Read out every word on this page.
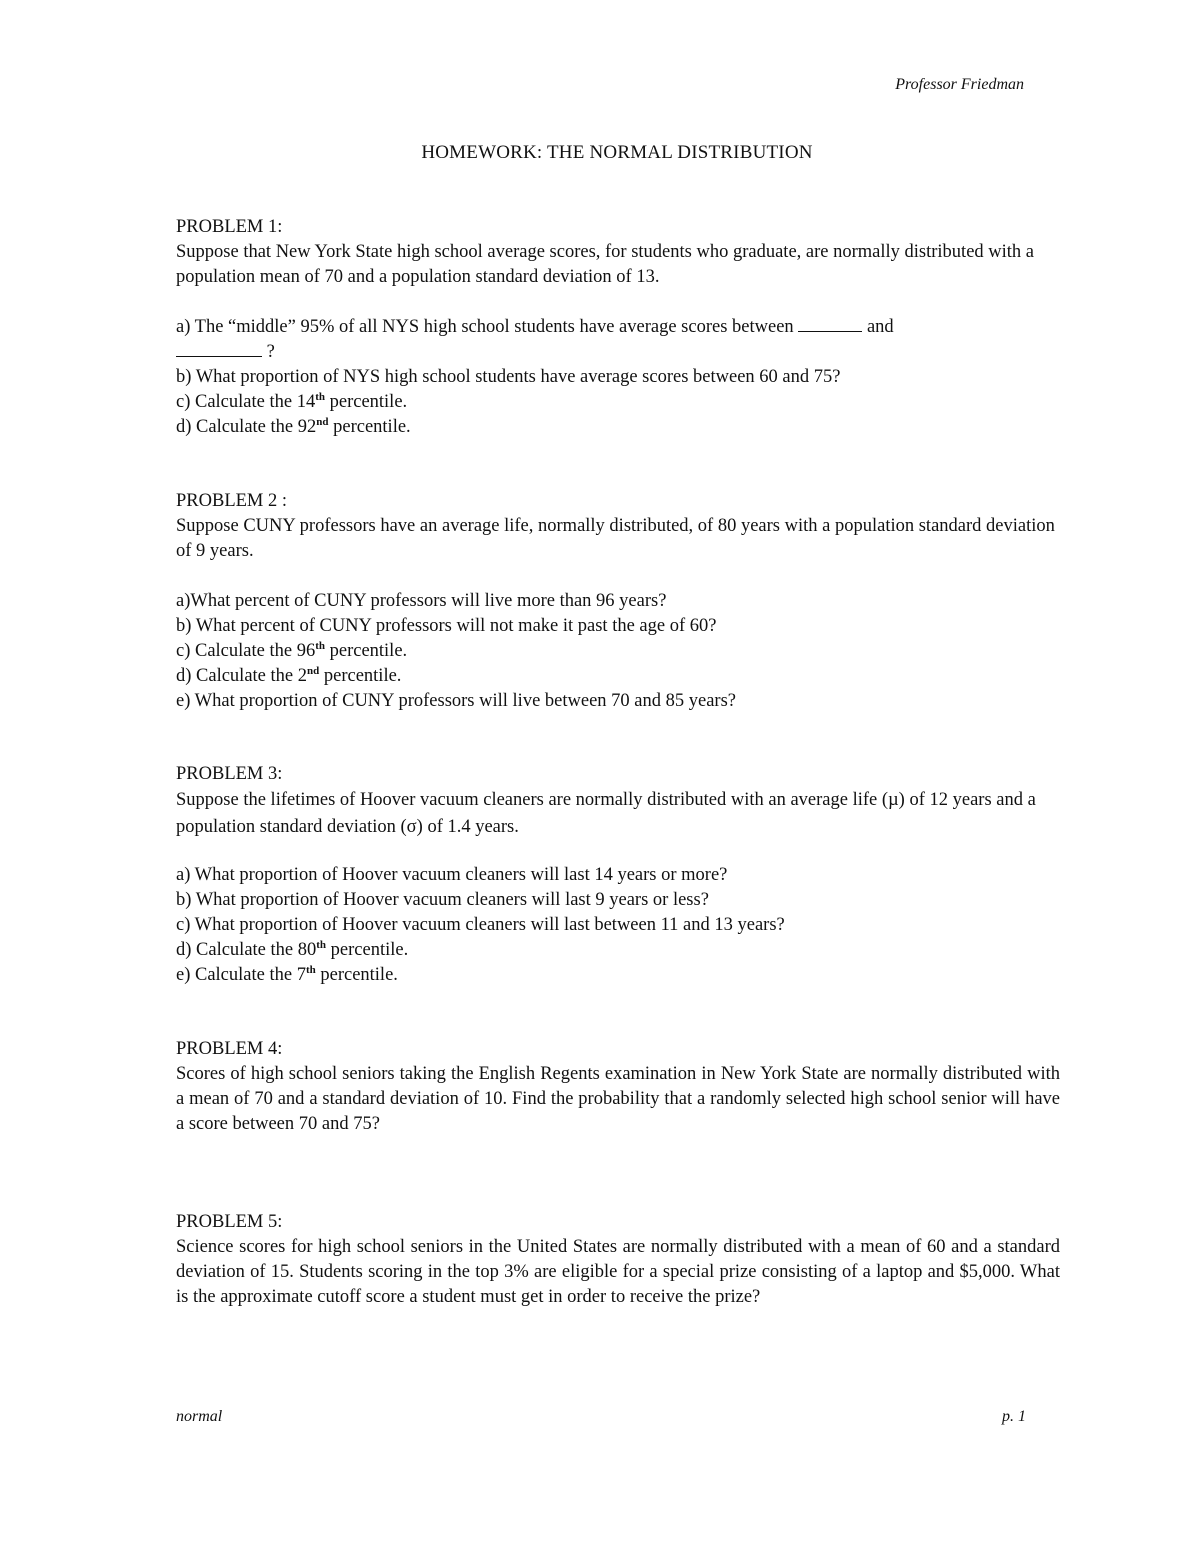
Professor Friedman
HOMEWORK: THE NORMAL DISTRIBUTION
PROBLEM 1:
Suppose that New York State high school average scores, for students who graduate, are normally distributed with a population mean of 70 and a population standard deviation of 13.
a) The “middle” 95% of all NYS high school students have average scores between	and
?
b) What proportion of NYS high school students have average scores between 60 and 75?
c) Calculate the 14th percentile.
d) Calculate the 92nd percentile.
PROBLEM 2 :
Suppose CUNY professors have an average life, normally distributed, of 80 years with a population standard deviation of 9 years.
a)What percent of CUNY professors will live more than 96 years?
b) What percent of CUNY professors will not make it past the age of 60?
c) Calculate the 96th percentile.
d) Calculate the 2nd percentile.
e) What proportion of CUNY professors will live between 70 and 85 years?
PROBLEM 3:
Suppose the lifetimes of Hoover vacuum cleaners are normally distributed with an average life (µ) of 12 years and a population standard deviation (σ) of 1.4 years.
a) What proportion of Hoover vacuum cleaners will last 14 years or more?
b) What proportion of Hoover vacuum cleaners will last 9 years or less?
c) What proportion of Hoover vacuum cleaners will last between 11 and 13 years?
d) Calculate the 80th percentile.
e) Calculate the 7th percentile.
PROBLEM 4:
Scores of high school seniors taking the English Regents examination in New York State are normally distributed with a mean of 70 and a standard deviation of 10. Find the probability that a randomly selected high school senior will have a score between 70 and 75?
PROBLEM 5:
Science scores for high school seniors in the United States are normally distributed with a mean of 60 and a standard deviation of 15. Students scoring in the top 3% are eligible for a special prize consisting of a laptop and $5,000. What is the approximate cutoff score a student must get in order to receive the prize?
normal	p. 1
